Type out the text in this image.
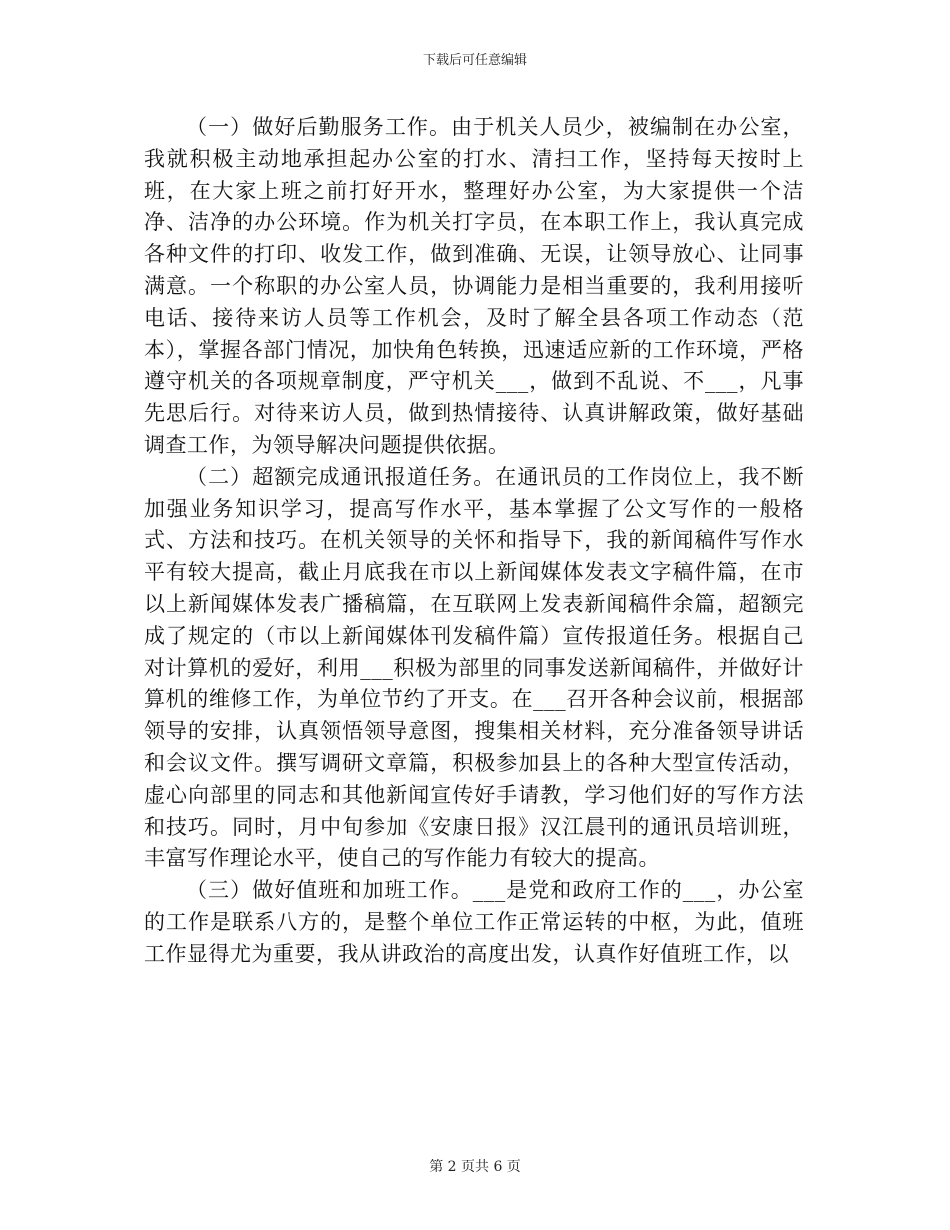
下载后可任意编辑

（一）做好后勤服务工作。由于机关人员少，被编制在办公室，我就积极主动地承担起办公室的打水、清扫工作，坚持每天按时上班，在大家上班之前打好开水，整理好办公室，为大家提供一个洁净、洁净的办公环境。作为机关打字员，在本职工作上，我认真完成各种文件的打印、收发工作，做到准确、无误，让领导放心、让同事满意。一个称职的办公室人员，协调能力是相当重要的，我利用接听电话、接待来访人员等工作机会，及时了解全县各项工作动态（范本），掌握各部门情况，加快角色转换，迅速适应新的工作环境，严格遵守机关的各项规章制度，严守机关___，做到不乱说、不___，凡事先思后行。对待来访人员，做到热情接待、认真讲解政策，做好基础调查工作，为领导解决问题提供依据。

（二）超额完成通讯报道任务。在通讯员的工作岗位上，我不断加强业务知识学习，提高写作水平，基本掌握了公文写作的一般格式、方法和技巧。在机关领导的关怀和指导下，我的新闻稿件写作水平有较大提高，截止月底我在市以上新闻媒体发表文字稿件篇，在市以上新闻媒体发表广播稿篇，在互联网上发表新闻稿件余篇，超额完成了规定的（市以上新闻媒体刊发稿件篇）宣传报道任务。根据自己对计算机的爱好，利用___积极为部里的同事发送新闻稿件，并做好计算机的维修工作，为单位节约了开支。在___召开各种会议前，根据部领导的安排，认真领悟领导意图，搜集相关材料，充分准备领导讲话和会议文件。撰写调研文章篇，积极参加县上的各种大型宣传活动，虚心向部里的同志和其他新闻宣传好手请教，学习他们好的写作方法和技巧。同时，月中旬参加《安康日报》汉江晨刊的通讯员培训班，丰富写作理论水平，使自己的写作能力有较大的提高。

（三）做好值班和加班工作。___是党和政府工作的___，办公室的工作是联系八方的，是整个单位工作正常运转的中枢，为此，值班工作显得尤为重要，我从讲政治的高度出发，认真作好值班工作，以

第 2 页共 6 页
